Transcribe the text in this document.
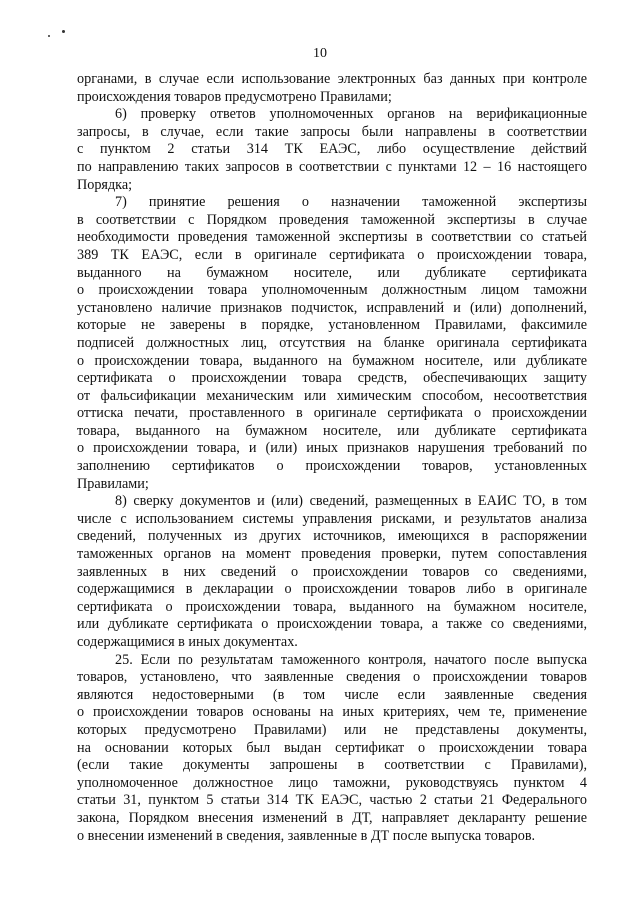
10

органами, в случае если использование электронных баз данных при контроле
происхождения товаров предусмотрено Правилами;

6) проверку ответов уполномоченных органов на верификационные
запросы, в случае, если такие запросы были направлены в соответствии
с пунктом 2 статьи 314 ТК ЕАЭС, либо осуществление действий
по направлению таких запросов в соответствии с пунктами 12 – 16 настоящего
Порядка;

7) принятие решения о назначении таможенной экспертизы
в соответствии с Порядком проведения таможенной экспертизы в случае
необходимости проведения таможенной экспертизы в соответствии со статьей
389 ТК ЕАЭС, если в оригинале сертификата о происхождении товара,
выданного на бумажном носителе, или дубликате сертификата
о происхождении товара уполномоченным должностным лицом таможни
установлено наличие признаков подчисток, исправлений и (или) дополнений,
которые не заверены в порядке, установленном Правилами, факсимиле
подписей должностных лиц, отсутствия на бланке оригинала сертификата
о происхождении товара, выданного на бумажном носителе, или дубликате
сертификата о происхождении товара средств, обеспечивающих защиту
от фальсификации механическим или химическим способом, несоответствия
оттиска печати, проставленного в оригинале сертификата о происхождении
товара, выданного на бумажном носителе, или дубликате сертификата
о происхождении товара, и (или) иных признаков нарушения требований по
заполнению сертификатов о происхождении товаров, установленных
Правилами;

8) сверку документов и (или) сведений, размещенных в ЕАИС ТО, в том
числе с использованием системы управления рисками, и результатов анализа
сведений, полученных из других источников, имеющихся в распоряжении
таможенных органов на момент проведения проверки, путем сопоставления
заявленных в них сведений о происхождении товаров со сведениями,
содержащимися в декларации о происхождении товаров либо в оригинале
сертификата о происхождении товара, выданного на бумажном носителе,
или дубликате сертификата о происхождении товара, а также со сведениями,
содержащимися в иных документах.

25. Если по результатам таможенного контроля, начатого после выпуска
товаров, установлено, что заявленные сведения о происхождении товаров
являются недостоверными (в том числе если заявленные сведения
о происхождении товаров основаны на иных критериях, чем те, применение
которых предусмотрено Правилами) или не представлены документы,
на основании которых был выдан сертификат о происхождении товара
(если такие документы запрошены в соответствии с Правилами),
уполномоченное должностное лицо таможни, руководствуясь пунктом 4
статьи 31, пунктом 5 статьи 314 ТК ЕАЭС, частью 2 статьи 21 Федерального
закона, Порядком внесения изменений в ДТ, направляет декларанту решение
о внесении изменений в сведения, заявленные в ДТ после выпуска товаров.
